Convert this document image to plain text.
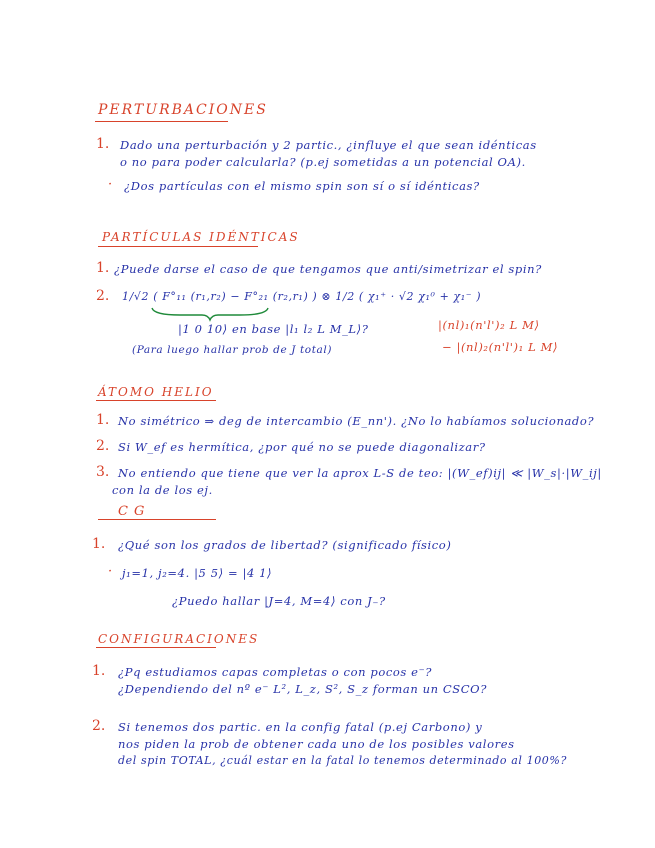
PERTURBACIONES
1. Dado una perturbación y 2 partic., ¿influye el que sean idénticas
o no para poder calcularla? (p.ej sometidas a un potencial OA).
· ¿Dos partículas con el mismo spin son sí o sí idénticas?
PARTÍCULAS IDÉNTICAS
1. ¿Puede darse el caso de que tengamos que anti/simetrizar el spin?
2. 1/√2 ( F°₁₁ (r₁,r₂) − F°₂₁ (r₂,r₁) ) ⊗ 1/2 ( χ₁⁺ · √2 χ₁⁰ + χ₁⁻ )
|1 0 10⟩ en base |l₁ l₂ L M_L⟩?
(Para luego hallar prob de J total)
|(nl)₁(n'l')₂ L M⟩
− |(nl)₂(n'l')₁ L M⟩
ÁTOMO HELIO
1. No simétrico ⇒ deg de intercambio (E_nn'). ¿No lo habíamos solucionado?
2. Si W_ef es hermítica, ¿por qué no se puede diagonalizar?
3. No entiendo que tiene que ver la aprox L-S de teo: |(W_ef)ij| ≪ |W_s|·|W_ij|
con la de los ej.
CG
1. ¿Qué son los grados de libertad? (significado físico)
· j₁=1, j₂=4. |5 5⟩ = |4 1⟩
¿Puedo hallar |J=4, M=4⟩ con J₋?
CONFIGURACIONES
1. ¿Pq estudiamos capas completas o con pocos e⁻?
¿Dependiendo del nº e⁻ L², L_z, S², S_z forman un CSCO?
2. Si tenemos dos partic. en la config fatal (p.ej Carbono) y
nos piden la prob de obtener cada uno de los posibles valores
del spin TOTAL, ¿cuál estar en la fatal lo tenemos determinado al 100%?
